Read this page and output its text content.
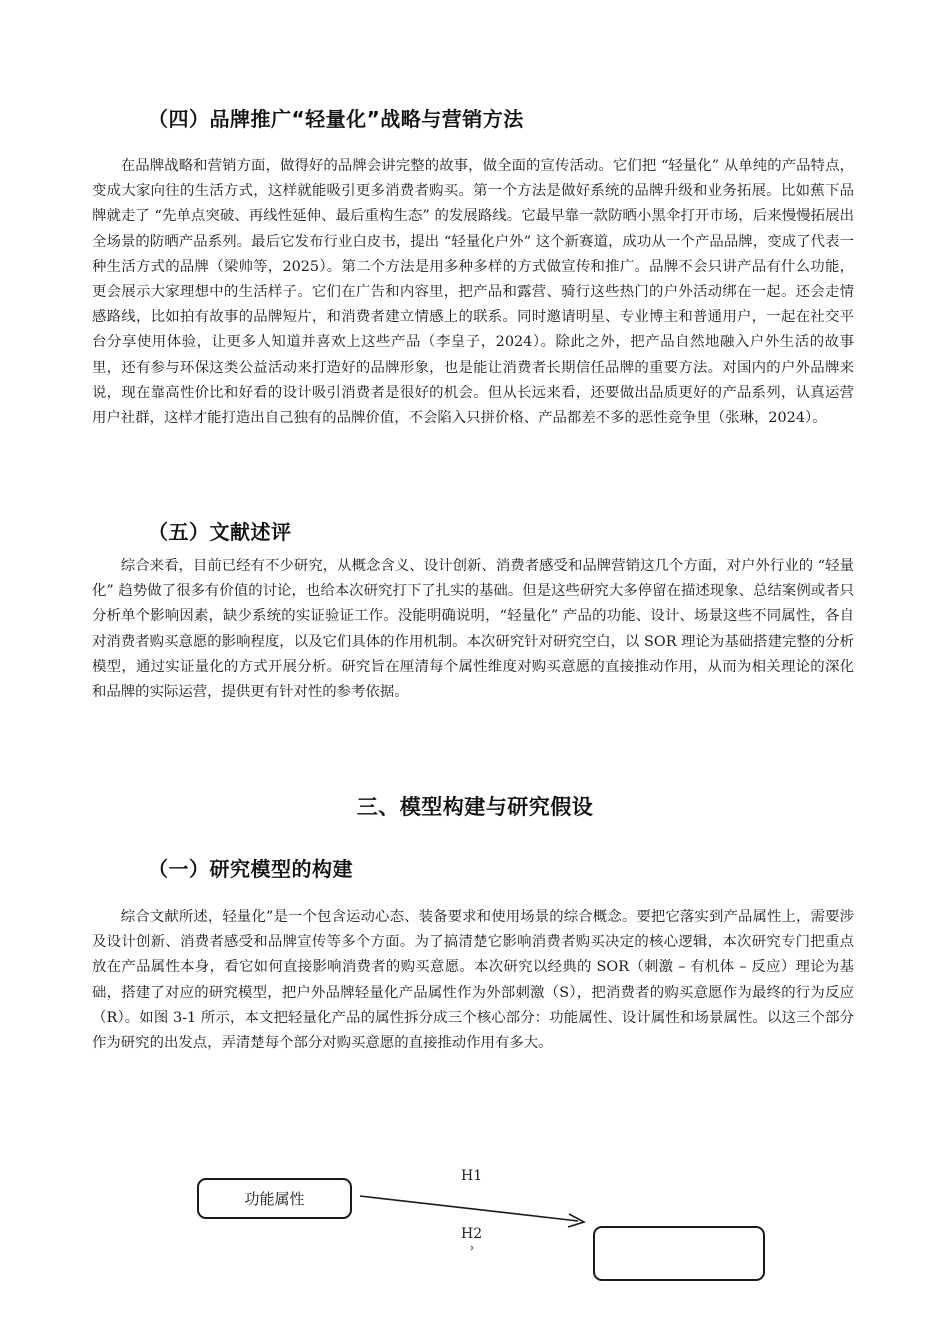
（四）品牌推广“轻量化”战略与营销方法

在品牌战略和营销方面，做得好的品牌会讲完整的故事，做全面的宣传活动。它们把 “轻量化” 从单纯的产品特点，变成大家向往的生活方式，这样就能吸引更多消费者购买。第一个方法是做好系统的品牌升级和业务拓展。比如蕉下品牌就走了 “先单点突破、再线性延伸、最后重构生态” 的发展路线。它最早靠一款防晒小黑伞打开市场，后来慢慢拓展出全场景的防晒产品系列。最后它发布行业白皮书，提出 “轻量化户外” 这个新赛道，成功从一个产品品牌，变成了代表一种生活方式的品牌（梁帅等，2025）。第二个方法是用多种多样的方式做宣传和推广。品牌不会只讲产品有什么功能，更会展示大家理想中的生活样子。它们在广告和内容里，把产品和露营、骑行这些热门的户外活动绑在一起。还会走情感路线，比如拍有故事的品牌短片，和消费者建立情感上的联系。同时邀请明星、专业博主和普通用户，一起在社交平台分享使用体验，让更多人知道并喜欢上这些产品（李皇子，2024）。除此之外，把产品自然地融入户外生活的故事里，还有参与环保这类公益活动来打造好的品牌形象，也是能让消费者长期信任品牌的重要方法。对国内的户外品牌来说，现在靠高性价比和好看的设计吸引消费者是很好的机会。但从长远来看，还要做出品质更好的产品系列，认真运营用户社群，这样才能打造出自己独有的品牌价值，不会陷入只拼价格、产品都差不多的恶性竞争里（张琳，2024）。

（五）文献述评

综合来看，目前已经有不少研究，从概念含义、设计创新、消费者感受和品牌营销这几个方面，对户外行业的 “轻量化” 趋势做了很多有价值的讨论，也给本次研究打下了扎实的基础。但是这些研究大多停留在描述现象、总结案例或者只分析单个影响因素，缺少系统的实证验证工作。没能明确说明，“轻量化” 产品的功能、设计、场景这些不同属性，各自对消费者购买意愿的影响程度，以及它们具体的作用机制。本次研究针对研究空白，以 SOR 理论为基础搭建完整的分析模型，通过实证量化的方式开展分析。研究旨在厘清每个属性维度对购买意愿的直接推动作用，从而为相关理论的深化和品牌的实际运营，提供更有针对性的参考依据。

三、模型构建与研究假设
（一）研究模型的构建

综合文献所述，轻量化”是一个包含运动心态、装备要求和使用场景的综合概念。要把它落实到产品属性上，需要涉及设计创新、消费者感受和品牌宣传等多个方面。为了搞清楚它影响消费者购买决定的核心逻辑，本次研究专门把重点放在产品属性本身，看它如何直接影响消费者的购买意愿。本次研究以经典的 SOR（刺激 – 有机体 – 反应）理论为基础，搭建了对应的研究模型，把户外品牌轻量化产品属性作为外部刺激（S），把消费者的购买意愿作为最终的行为反应（R）。如图 3-1 所示，本文把轻量化产品的属性拆分成三个核心部分：功能属性、设计属性和场景属性。以这三个部分作为研究的出发点，弄清楚每个部分对购买意愿的直接推动作用有多大。

功能属性
H1
H2
